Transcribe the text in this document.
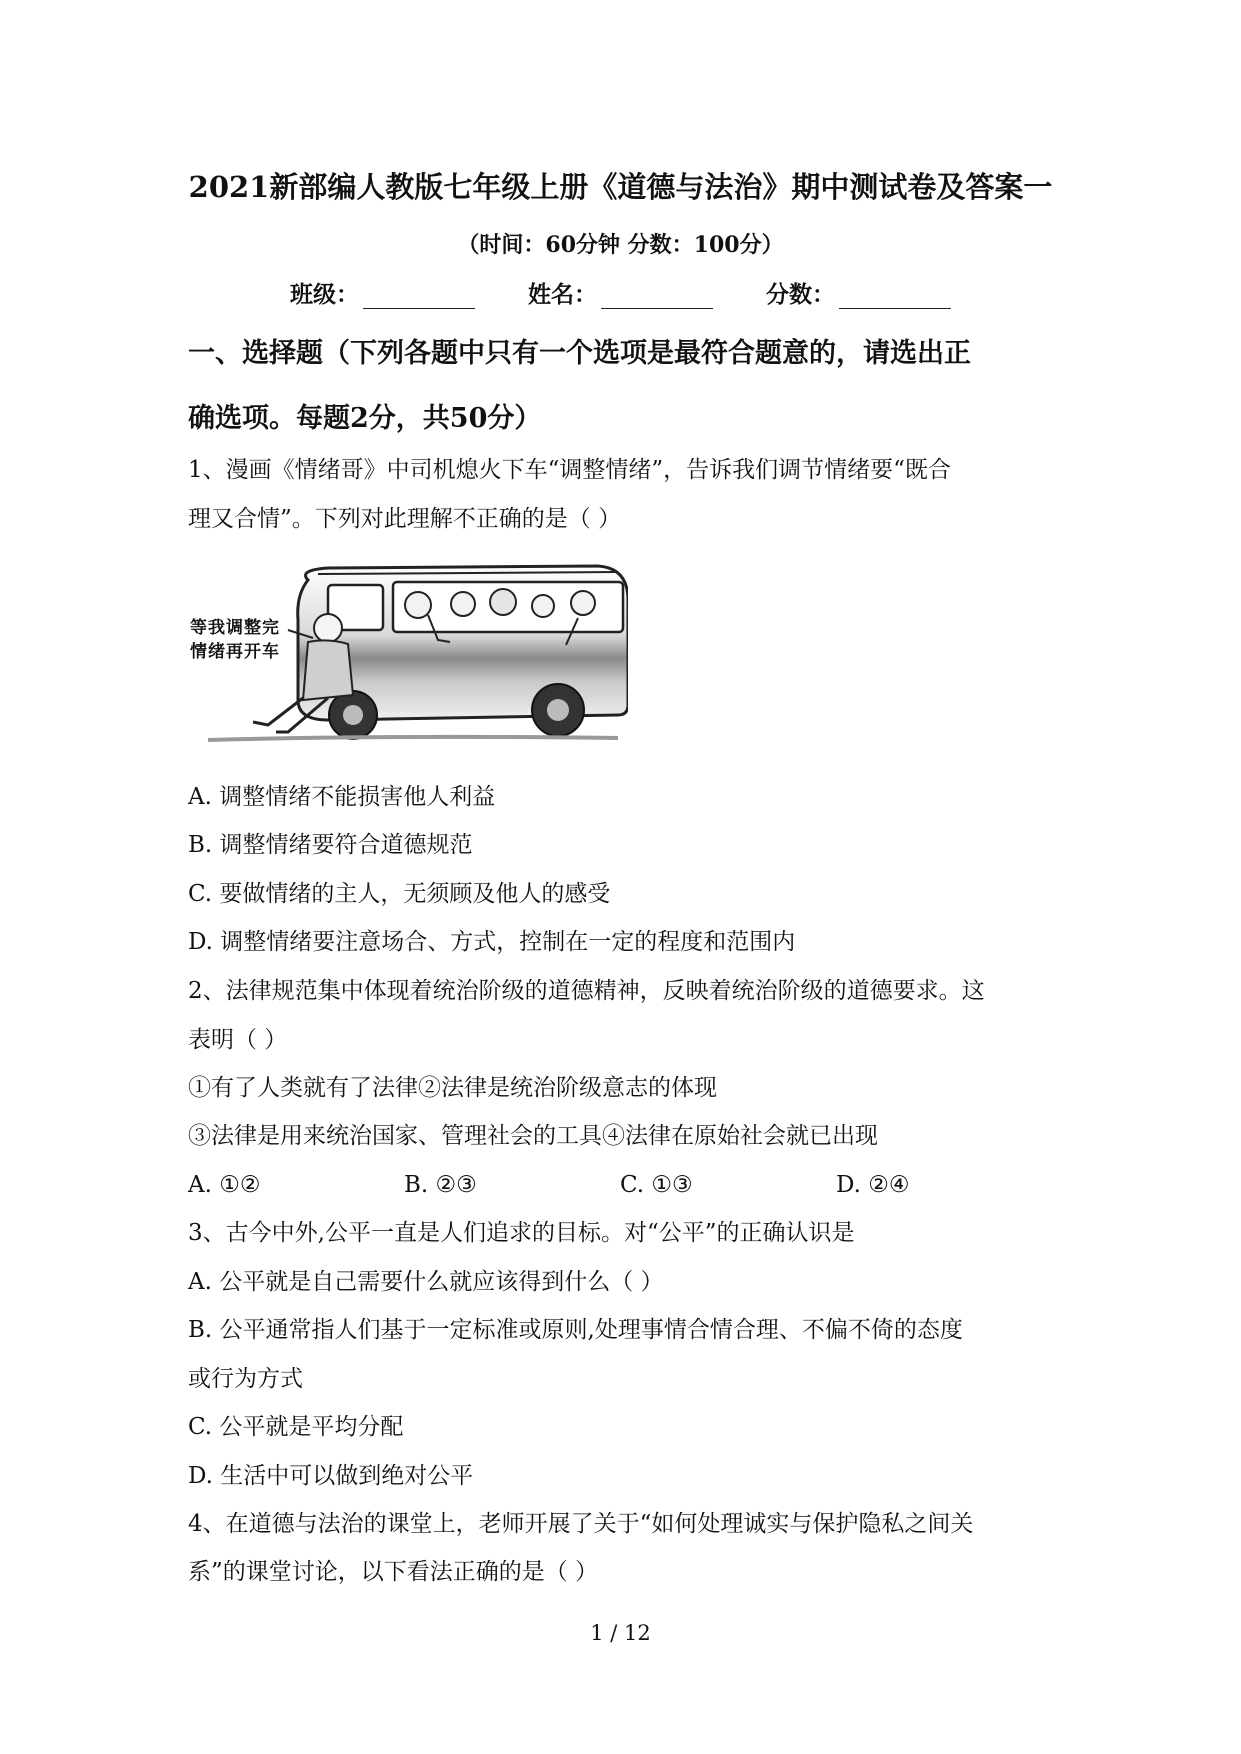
2021新部编人教版七年级上册《道德与法治》期中测试卷及答案一
（时间：60分钟 分数：100分）
班级：	姓名：	分数：
一、选择题（下列各题中只有一个选项是最符合题意的，请选出正
确选项。每题2分，共50分）
1、漫画《情绪哥》中司机熄火下车“调整情绪”，告诉我们调节情绪要“既合
理又合情”。下列对此理解不正确的是（ ）
等我调整完
情绪再开车
A. 调整情绪不能损害他人利益
B. 调整情绪要符合道德规范
C. 要做情绪的主人，无须顾及他人的感受
D. 调整情绪要注意场合、方式，控制在一定的程度和范围内
2、法律规范集中体现着统治阶级的道德精神，反映着统治阶级的道德要求。这
表明（ ）
①有了人类就有了法律②法律是统治阶级意志的体现
③法律是用来统治国家、管理社会的工具④法律在原始社会就已出现
A. ①②	B. ②③	C. ①③	D. ②④
3、古今中外,公平一直是人们追求的目标。对“公平”的正确认识是
A. 公平就是自己需要什么就应该得到什么（ ）
B. 公平通常指人们基于一定标准或原则,处理事情合情合理、不偏不倚的态度
或行为方式
C. 公平就是平均分配
D. 生活中可以做到绝对公平
4、在道德与法治的课堂上，老师开展了关于“如何处理诚实与保护隐私之间关
系”的课堂讨论，以下看法正确的是（ ）
1 / 12
